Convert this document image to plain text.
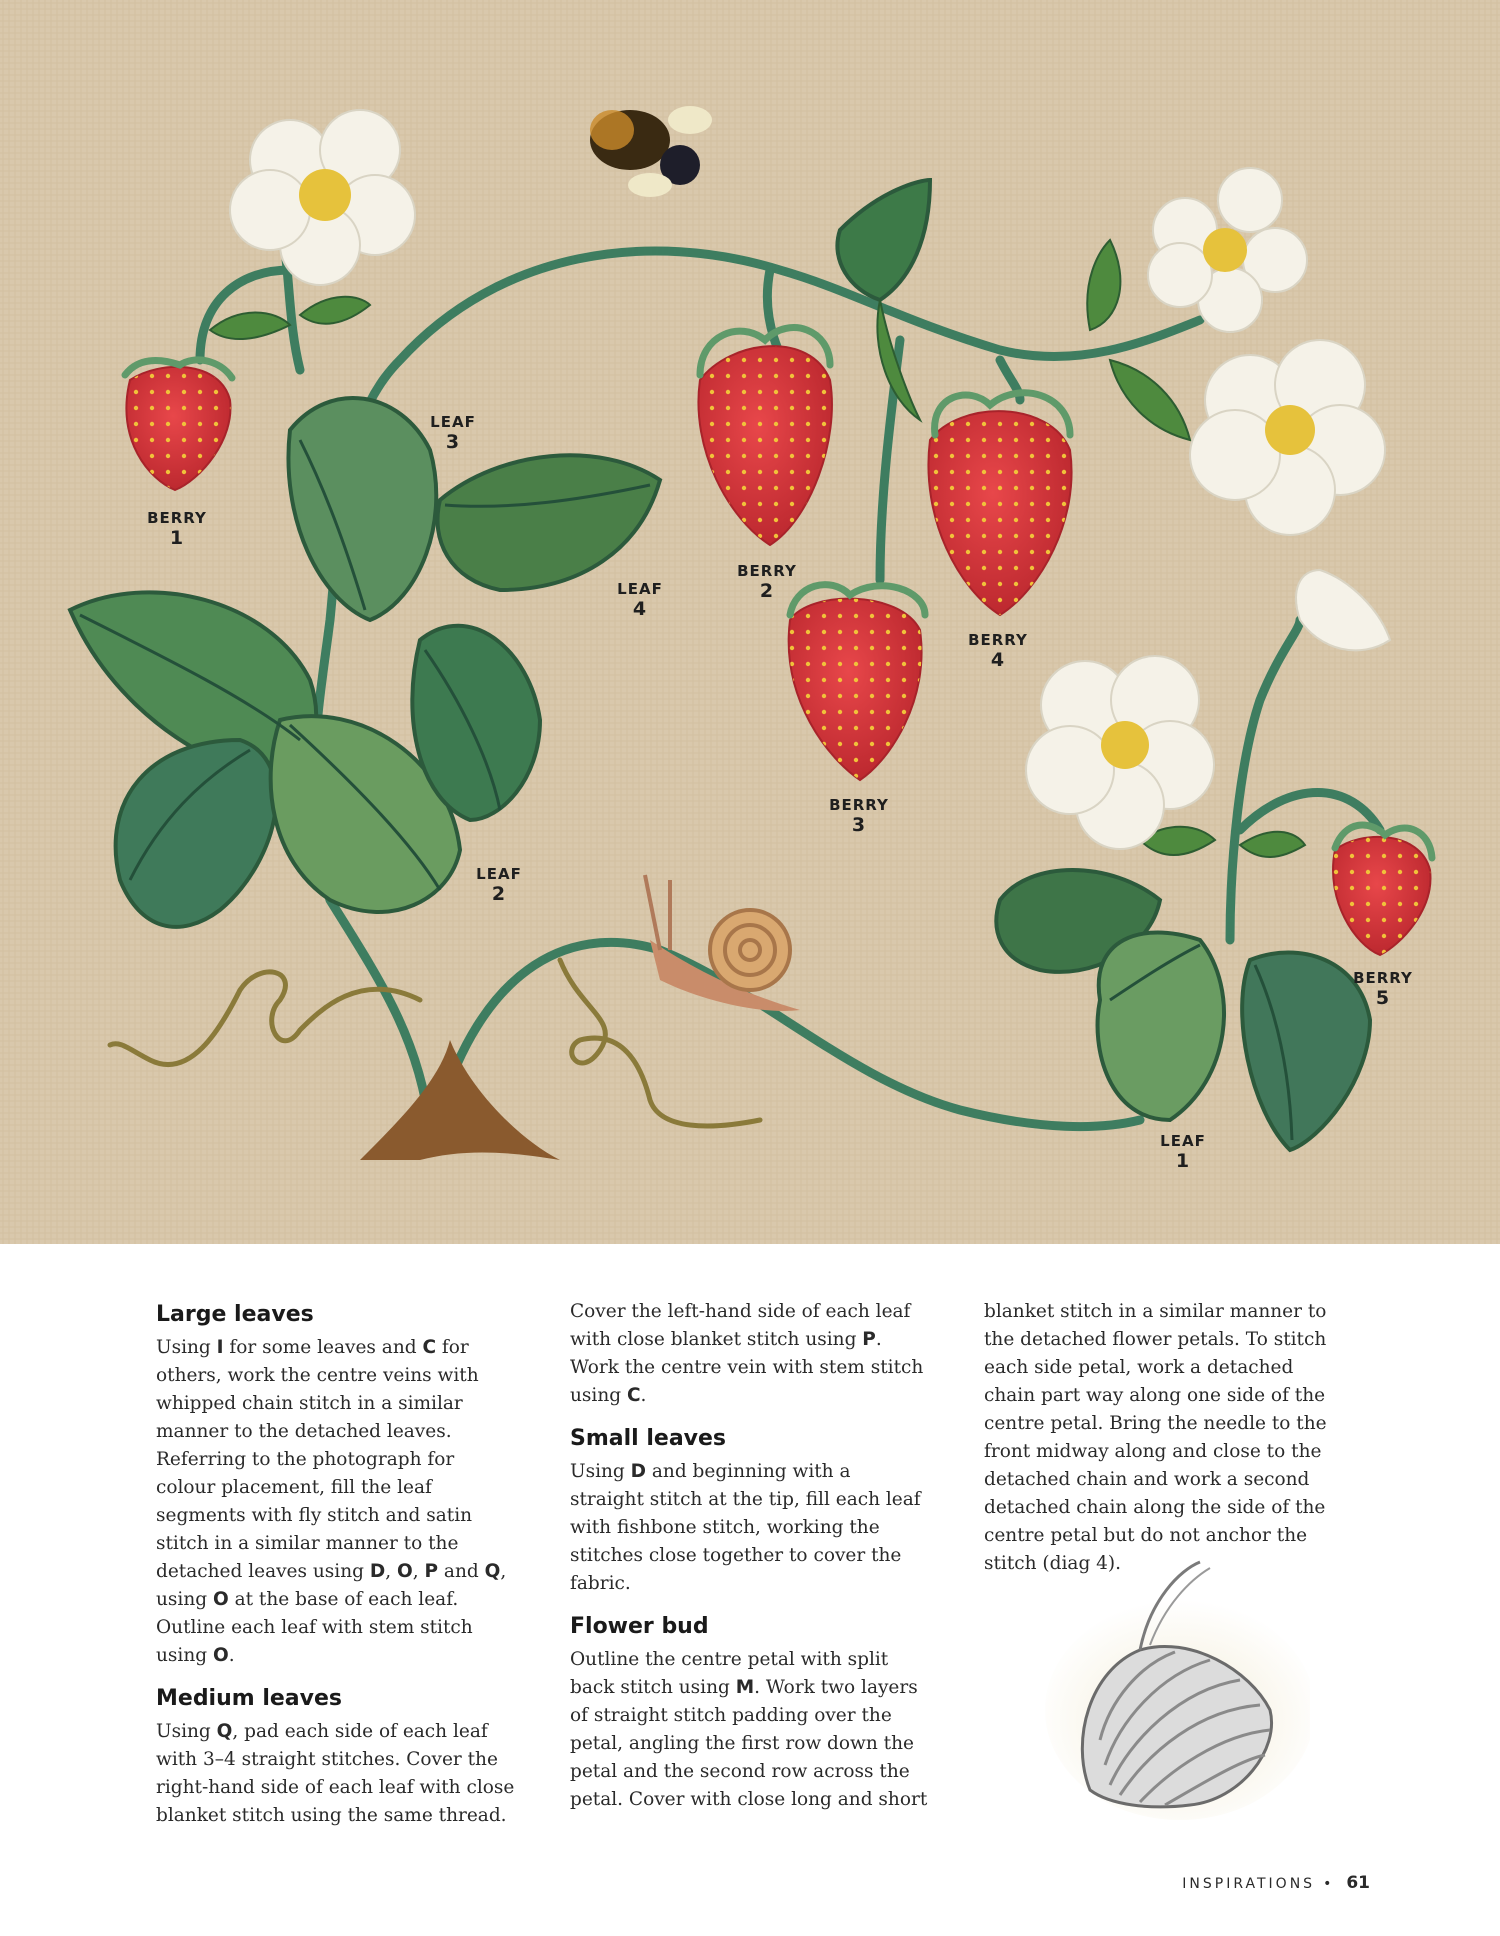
BERRY
1
BERRY
2
BERRY
3
BERRY
4
BERRY
5
LEAF
1
LEAF
2
LEAF
3
LEAF
4
Large leaves

Using I for some leaves and C for others, work the centre veins with whipped chain stitch in a similar manner to the detached leaves. Referring to the photograph for colour placement, fill the leaf segments with fly stitch and satin stitch in a similar manner to the detached leaves using D, O, P and Q, using O at the base of each leaf. Outline each leaf with stem stitch using O.

Medium leaves

Using Q, pad each side of each leaf with 3–4 straight stitches. Cover the right-hand side of each leaf with close blanket stitch using the same thread.

Cover the left-hand side of each leaf with close blanket stitch using P. Work the centre vein with stem stitch using C.

Small leaves

Using D and beginning with a straight stitch at the tip, fill each leaf with fishbone stitch, working the stitches close together to cover the fabric.

Flower bud

Outline the centre petal with split back stitch using M. Work two layers of straight stitch padding over the petal, angling the first row down the petal and the second row across the petal. Cover with close long and short

blanket stitch in a similar manner to the detached flower petals. To stitch each side petal, work a detached chain part way along one side of the centre petal. Bring the needle to the front midway along and close to the detached chain and work a second detached chain along the side of the centre petal but do not anchor the stitch (diag 4).

INSPIRATIONS • 61
